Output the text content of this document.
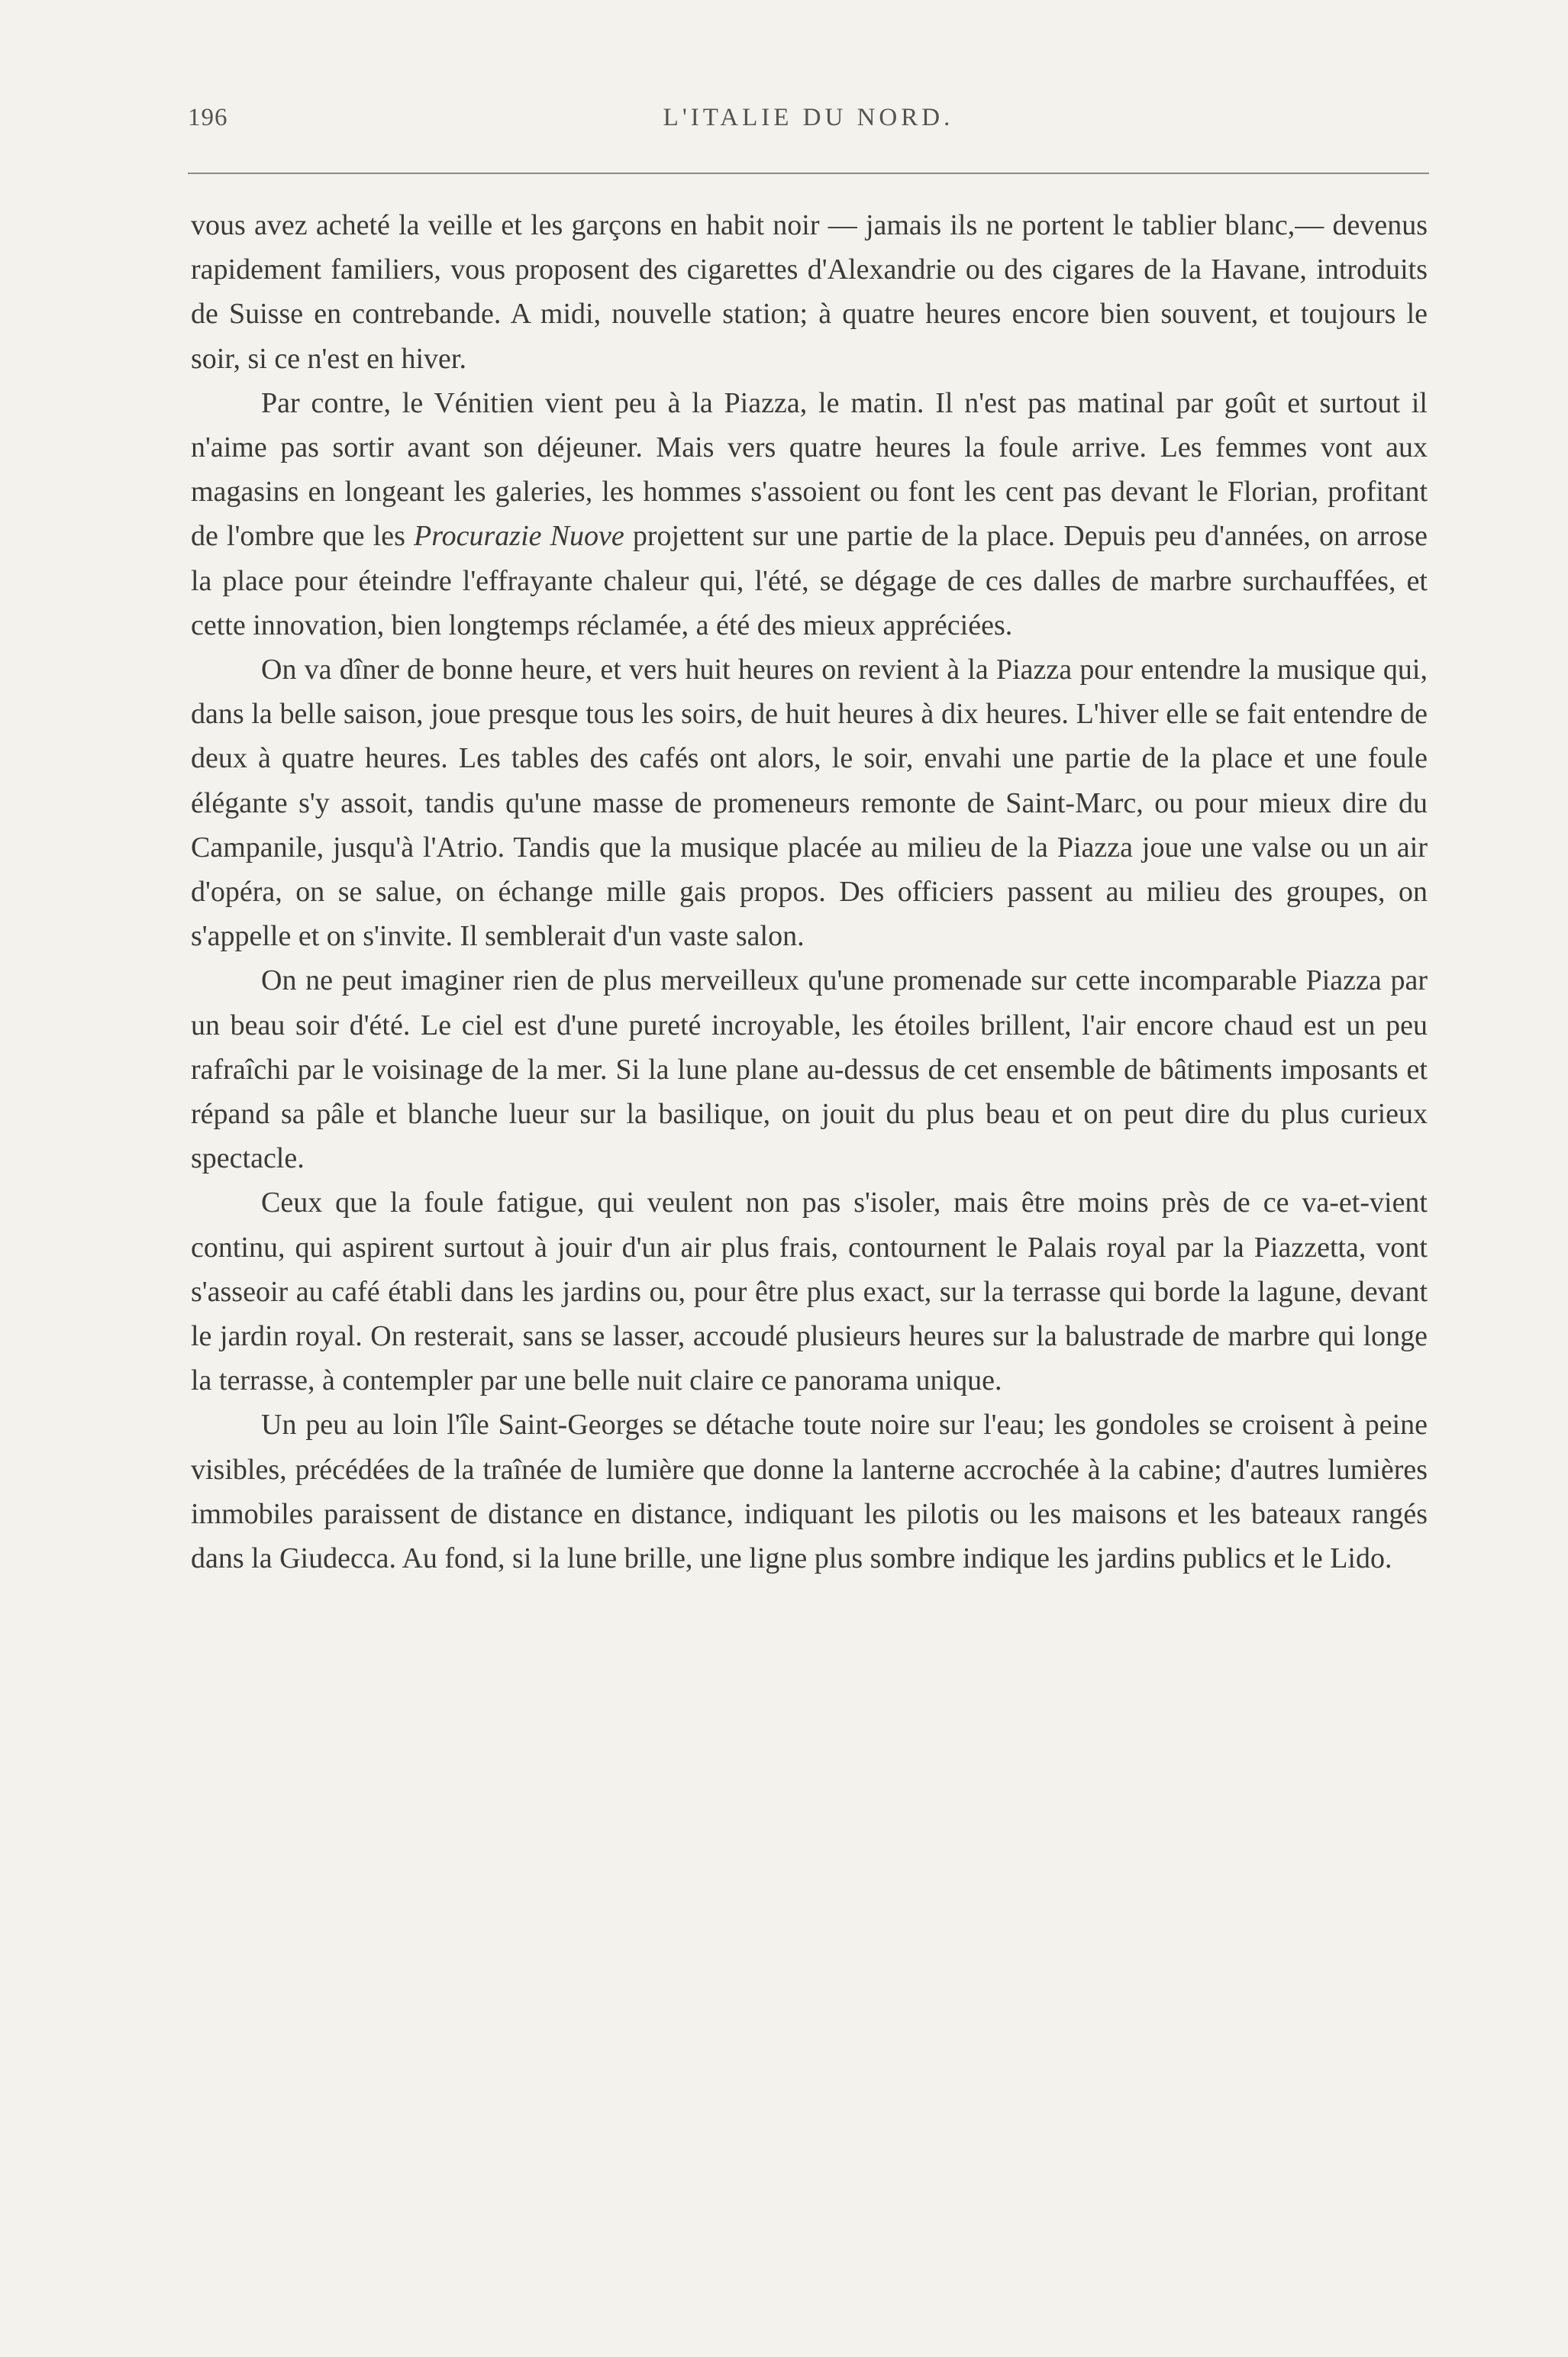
196	L'ITALIE DU NORD.

vous avez acheté la veille et les garçons en habit noir — jamais ils ne portent le tablier blanc,— devenus rapidement familiers, vous proposent des cigarettes d'Alexandrie ou des cigares de la Havane, introduits de Suisse en contrebande. A midi, nouvelle station; à quatre heures encore bien souvent, et toujours le soir, si ce n'est en hiver.

Par contre, le Vénitien vient peu à la Piazza, le matin. Il n'est pas matinal par goût et surtout il n'aime pas sortir avant son déjeuner. Mais vers quatre heures la foule arrive. Les femmes vont aux magasins en longeant les galeries, les hommes s'assoient ou font les cent pas devant le Florian, profitant de l'ombre que les Procurazie Nuove projettent sur une partie de la place. Depuis peu d'années, on arrose la place pour éteindre l'effrayante chaleur qui, l'été, se dégage de ces dalles de marbre surchauffées, et cette innovation, bien longtemps réclamée, a été des mieux appréciées.

On va dîner de bonne heure, et vers huit heures on revient à la Piazza pour entendre la musique qui, dans la belle saison, joue presque tous les soirs, de huit heures à dix heures. L'hiver elle se fait entendre de deux à quatre heures. Les tables des cafés ont alors, le soir, envahi une partie de la place et une foule élégante s'y assoit, tandis qu'une masse de promeneurs remonte de Saint-Marc, ou pour mieux dire du Campanile, jusqu'à l'Atrio. Tandis que la musique placée au milieu de la Piazza joue une valse ou un air d'opéra, on se salue, on échange mille gais propos. Des officiers passent au milieu des groupes, on s'appelle et on s'invite. Il semblerait d'un vaste salon.

On ne peut imaginer rien de plus merveilleux qu'une promenade sur cette incomparable Piazza par un beau soir d'été. Le ciel est d'une pureté incroyable, les étoiles brillent, l'air encore chaud est un peu rafraîchi par le voisinage de la mer. Si la lune plane au-dessus de cet ensemble de bâtiments imposants et répand sa pâle et blanche lueur sur la basilique, on jouit du plus beau et on peut dire du plus curieux spectacle.

Ceux que la foule fatigue, qui veulent non pas s'isoler, mais être moins près de ce va-et-vient continu, qui aspirent surtout à jouir d'un air plus frais, contournent le Palais royal par la Piazzetta, vont s'asseoir au café établi dans les jardins ou, pour être plus exact, sur la terrasse qui borde la lagune, devant le jardin royal. On resterait, sans se lasser, accoudé plusieurs heures sur la balustrade de marbre qui longe la terrasse, à contempler par une belle nuit claire ce panorama unique.

Un peu au loin l'île Saint-Georges se détache toute noire sur l'eau; les gondoles se croisent à peine visibles, précédées de la traînée de lumière que donne la lanterne accrochée à la cabine; d'autres lumières immobiles paraissent de distance en distance, indiquant les pilotis ou les maisons et les bateaux rangés dans la Giudecca. Au fond, si la lune brille, une ligne plus sombre indique les jardins publics et le Lido.
